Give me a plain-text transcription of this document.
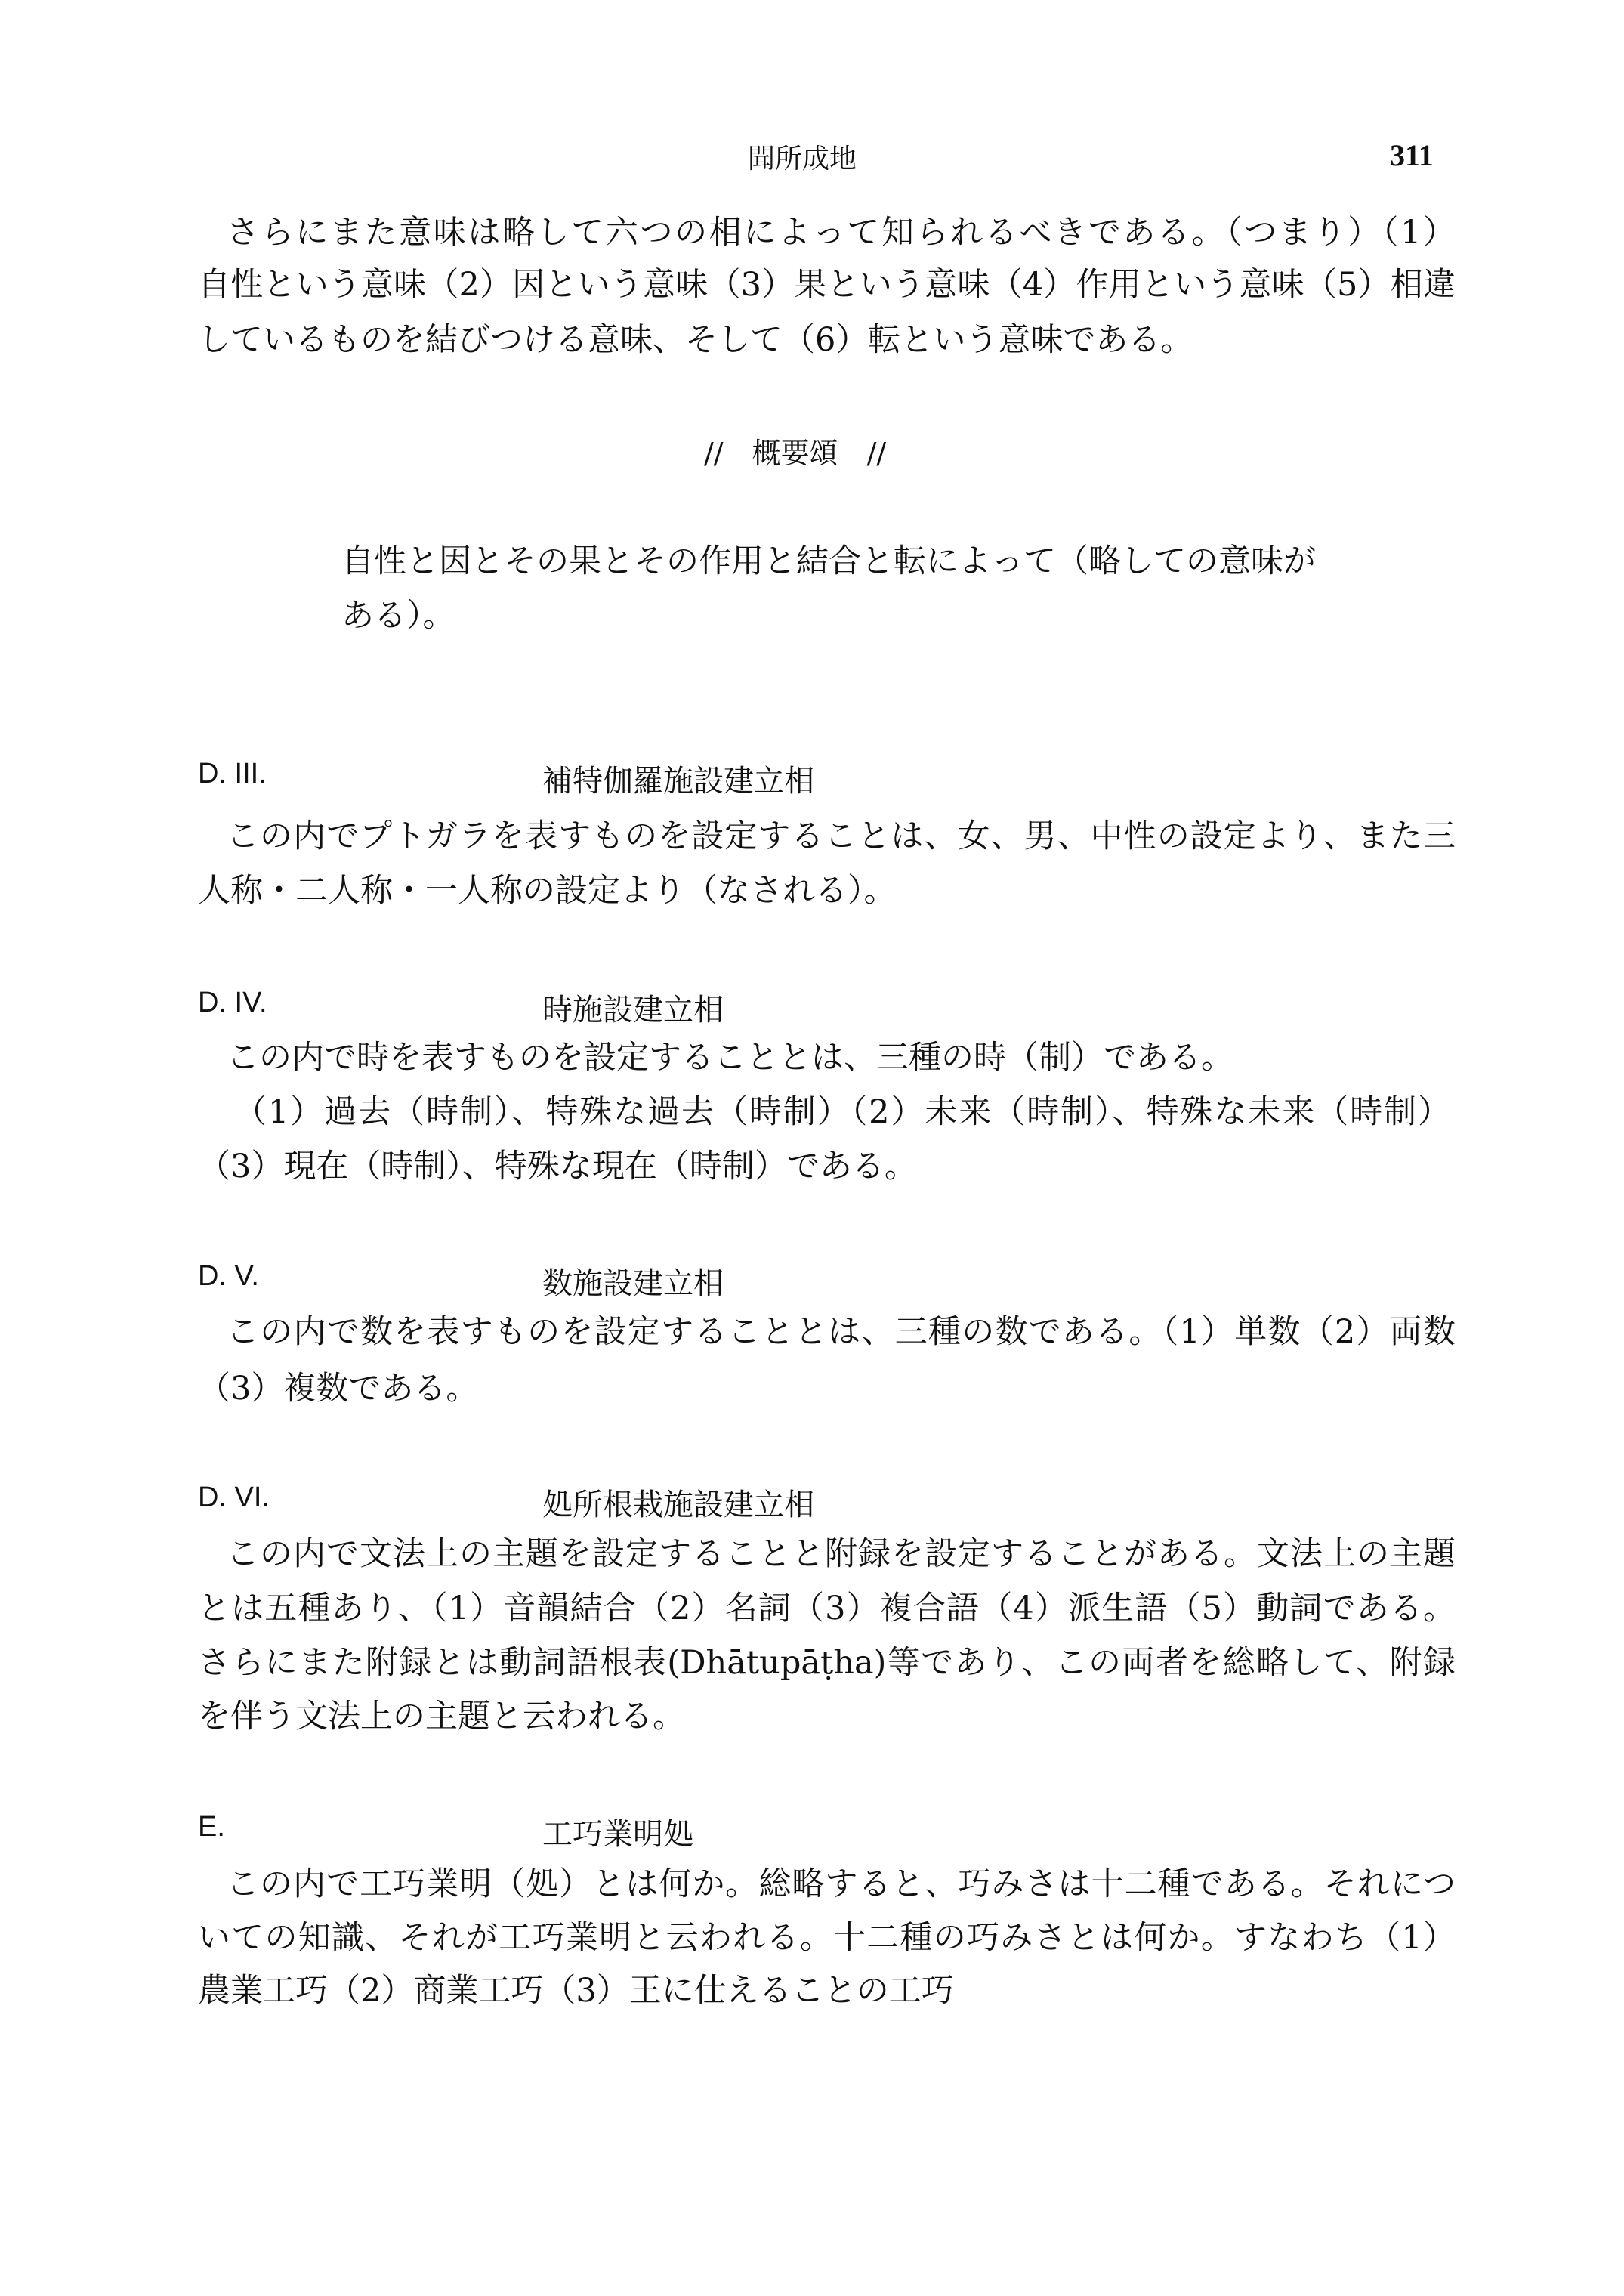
聞所成地	311
さらにまた意味は略して六つの相によって知られるべきである。（つまり）（1）
自性という意味（2）因という意味（3）果という意味（4）作用という意味（5）相違
しているものを結びつける意味、そして（6）転という意味である。
//　概要頌　//
自性と因とその果とその作用と結合と転によって（略しての意味が
ある）。
D. III.	補特伽羅施設建立相
この内でプトガラを表すものを設定することは、女、男、中性の設定より、また三
人称・二人称・一人称の設定より（なされる）。
D. IV.	時施設建立相
この内で時を表すものを設定することとは、三種の時（制）である。
（1）過去（時制）、特殊な過去（時制）（2）未来（時制）、特殊な未来（時制）
（3）現在（時制）、特殊な現在（時制）である。
D. V.	数施設建立相
この内で数を表すものを設定することとは、三種の数である。（1）単数（2）両数
（3）複数である。
D. VI.	処所根栽施設建立相
この内で文法上の主題を設定することと附録を設定することがある。文法上の主題
とは五種あり、（1）音韻結合（2）名詞（3）複合語（4）派生語（5）動詞である。
さらにまた附録とは動詞語根表(Dhātupāṭha)等であり、この両者を総略して、附録
を伴う文法上の主題と云われる。
E.	工巧業明処
この内で工巧業明（処）とは何か。総略すると、巧みさは十二種である。それにつ
いての知識、それが工巧業明と云われる。十二種の巧みさとは何か。すなわち（1）
農業工巧（2）商業工巧（3）王に仕えることの工巧
